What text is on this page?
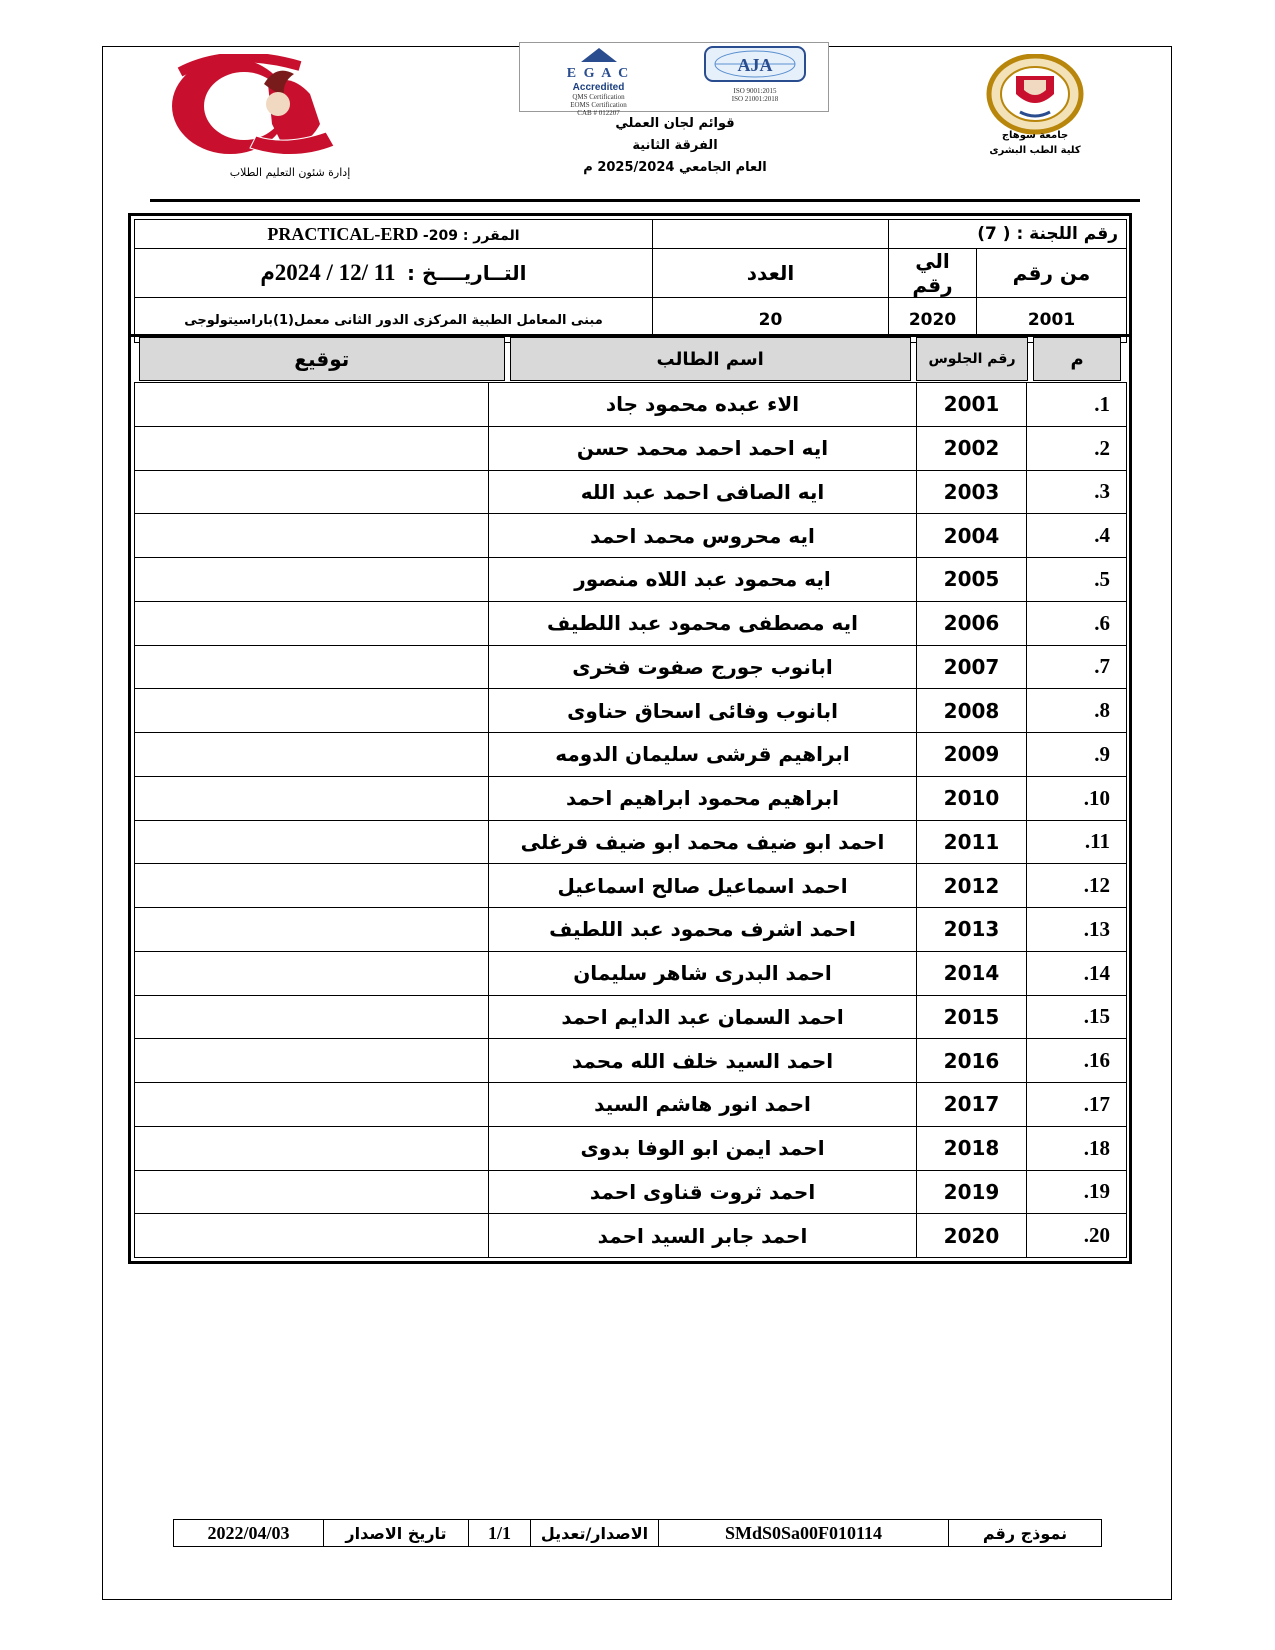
إدارة شئون التعليم الطلاب
E G A C
Accredited
QMS Certification
EOMS Certification
CAB # 012207
AJA
ISO 9001:2015
ISO 21001:2018
قوائم لجان العملي
الفرقة الثانية
العام الجامعي 2025/2024 م
جامعة سوهاج
كلية الطب البشرى
PRACTICAL-ERD المقرر : 209-		رقم اللجنة : ( 7)	
11 /12 / 2024م التــاريــــخ :	العدد	الي رقم	من رقم
مبنى المعامل الطبية المركزى الدور الثانى معمل(1)باراسيتولوجى	20	2020	2001
توقيع	اسم الطالب	رقم الجلوس	م
	الاء عبده محمود جاد	2001	1.
	ايه احمد احمد محمد حسن	2002	2.
	ايه الصافى احمد عبد الله	2003	3.
	ايه محروس محمد احمد	2004	4.
	ايه محمود عبد اللاه منصور	2005	5.
	ايه مصطفى محمود عبد اللطيف	2006	6.
	ابانوب جورج صفوت فخرى	2007	7.
	ابانوب وفائى اسحاق حناوى	2008	8.
	ابراهيم قرشى سليمان الدومه	2009	9.
	ابراهيم محمود ابراهيم احمد	2010	10.
	احمد ابو ضيف محمد ابو ضيف فرغلى	2011	11.
	احمد اسماعيل صالح اسماعيل	2012	12.
	احمد اشرف محمود عبد اللطيف	2013	13.
	احمد البدرى شاهر سليمان	2014	14.
	احمد السمان عبد الدايم احمد	2015	15.
	احمد السيد خلف الله محمد	2016	16.
	احمد انور هاشم السيد	2017	17.
	احمد ايمن ابو الوفا بدوى	2018	18.
	احمد ثروت قناوى احمد	2019	19.
	احمد جابر السيد احمد	2020	20.
2022/04/03	تاريخ الاصدار	1/1	الاصدار/تعديل	SMdS0Sa00F010114	نموذج رقم
